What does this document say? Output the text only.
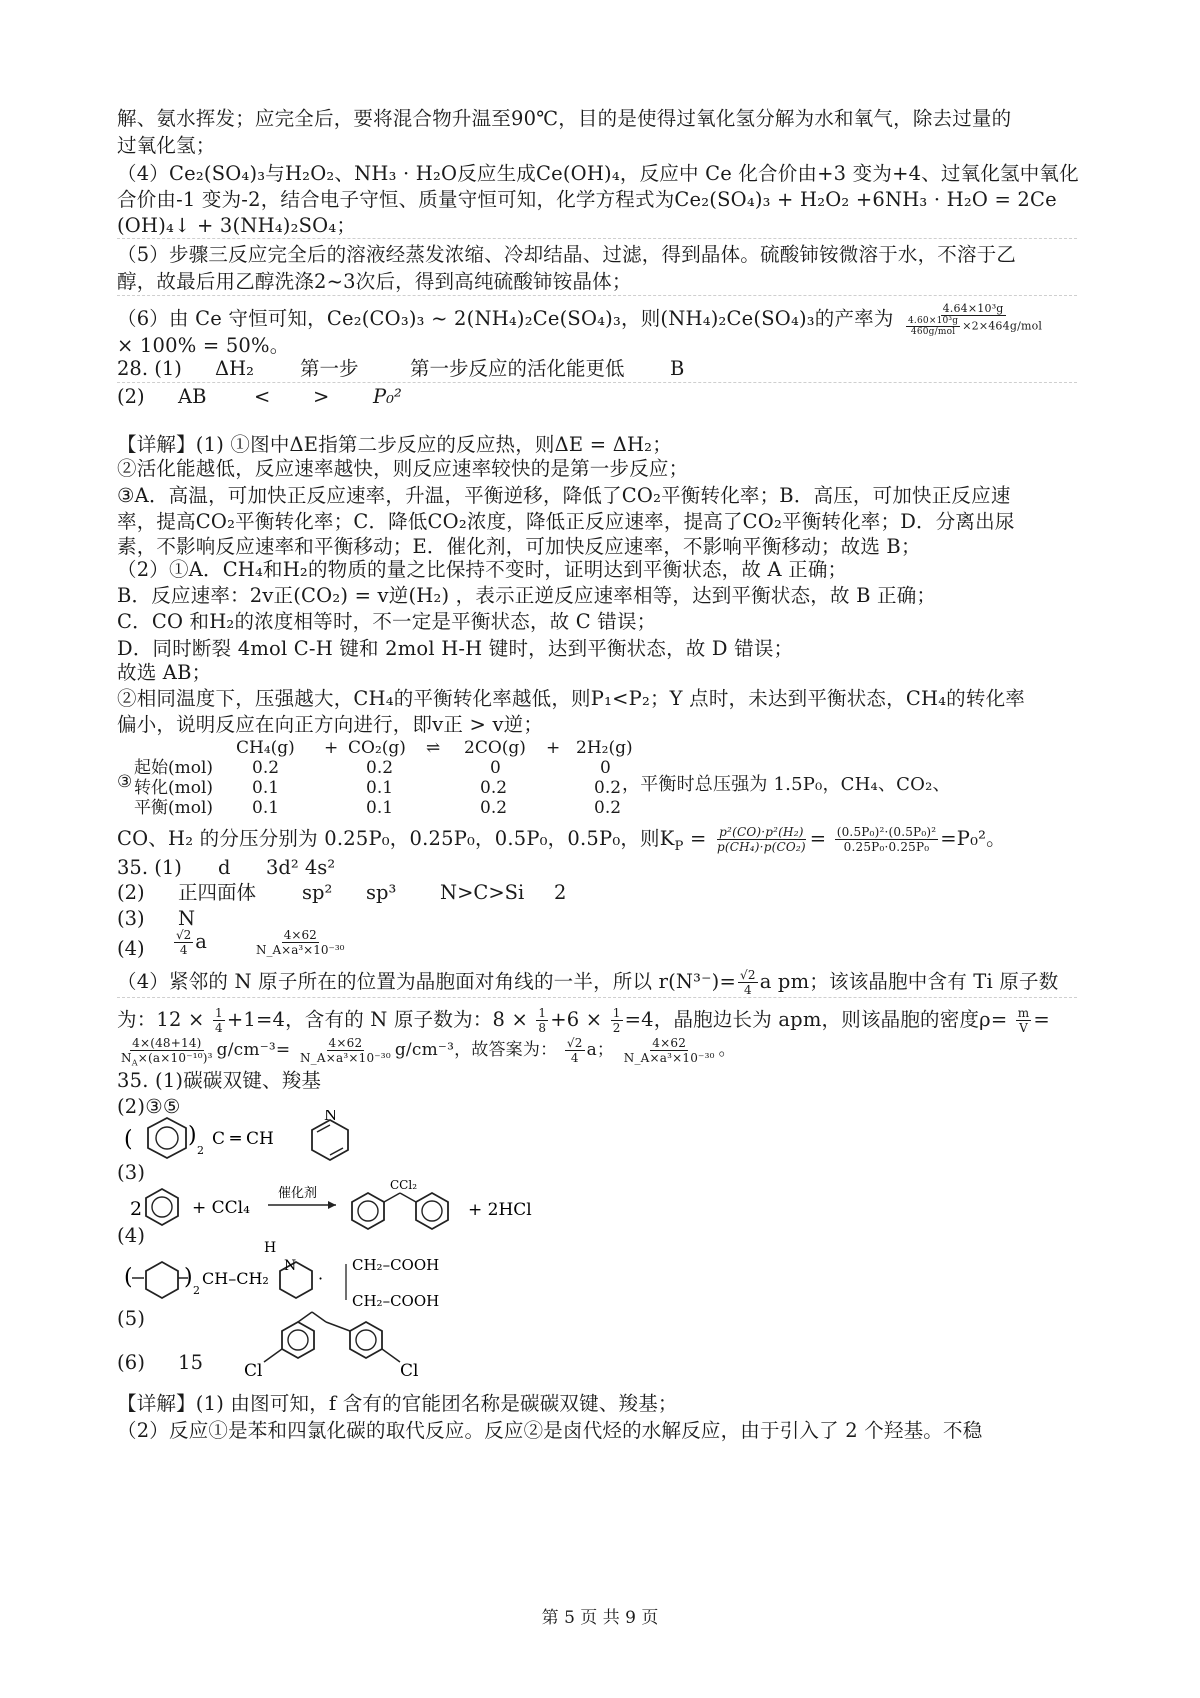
解、氨水挥发；应完全后，要将混合物升温至90℃，目的是使得过氧化氢分解为水和氧气，除去过量的
过氧化氢；
（4）Ce₂(SO₄)₃与H₂O₂、NH₃ · H₂O反应生成Ce(OH)₄，反应中 Ce 化合价由+3 变为+4、过氧化氢中氧化
合价由-1 变为-2，结合电子守恒、质量守恒可知，化学方程式为Ce₂(SO₄)₃ + H₂O₂ +6NH₃ · H₂O = 2Ce
(OH)₄↓ + 3(NH₄)₂SO₄；
（5）步骤三反应完全后的溶液经蒸发浓缩、冷却结晶、过滤，得到晶体。硫酸铈铵微溶于水，不溶于乙
醇，故最后用乙醇洗涤2~3次后，得到高纯硫酸铈铵晶体；
（6）由 Ce 守恒可知，Ce₂(CO₃)₃ ~ 2(NH₄)₂Ce(SO₄)₃，则(NH₄)₂Ce(SO₄)₃的产率为 $\frac{\text{4.64×10³g}}{\frac{\text{4.60×10³g}}{\text{460g/mol}} \times 2\times 464g/mol}$
× 100% = 50%。
28. (1) ΔH₂ 第一步	第一步反应的活化能更低 B
(2) AB < > P₀²
【详解】(1) ①图中ΔE指第二步反应的反应热，则ΔE = ΔH₂；
②活化能越低，反应速率越快，则反应速率较快的是第一步反应；
③A．高温，可加快正反应速率，升温，平衡逆移，降低了CO₂平衡转化率；B．高压，可加快正反应速
率，提高CO₂平衡转化率；C．降低CO₂浓度，降低正反应速率，提高了CO₂平衡转化率；D．分离出尿
素，不影响反应速率和平衡移动；E．催化剂，可加快反应速率，不影响平衡移动；故选 B；
（2）①A．CH₄和H₂的物质的量之比保持不变时，证明达到平衡状态，故 A 正确；
B．反应速率：2v正(CO₂) = v逆(H₂) ，表示正逆反应速率相等，达到平衡状态，故 B 正确；
C．CO 和H₂的浓度相等时，不一定是平衡状态，故 C 错误；
D．同时断裂 4mol C-H 键和 2mol H-H 键时，达到平衡状态，故 D 错误；
故选 AB；
②相同温度下，压强越大，CH₄的平衡转化率越低，则P₁<P₂；Y 点时，未达到平衡状态，CH₄的转化率
偏小，说明反应在向正方向进行，即v正 > v逆；
CH₄(g) + CO₂(g) ⇌ 2CO(g) + 2H₂(g)
③
起始(mol) 0.2	0.2	0	0
转化(mol) 0.1	0.1	0.2	0.2
平衡(mol) 0.1	0.1	0.2	0.2
，平衡时总压强为 1.5P₀，CH₄、CO₂、
CO、H₂ 的分压分别为 0.25P₀，0.25P₀，0.5P₀，0.5P₀，则$K_P = \frac{\text{p²(CO)·p²(H₂)}}{\text{p(CH₄)·p(CO₂)}} = \frac{\text{(0.5P₀)²·(0.5P₀)²}}{\text{0.25P₀·0.25P₀}} =P_0^2$。
35. (1) d 3d² 4s²
(2) 正四面体 sp² sp³ N>C>Si 2
(3) N
$(4) \frac{√2}{4}$ a	$\frac{4\times 62}{\text{N\_A×a³×10⁻³⁰}}$
（4）紧邻的 N 原子所在的位置为晶胞面对角线的一半，所以 $r(N^{3-})= \frac{√2}{4}$ a pm；该该晶胞中含有 Ti 原子数
为：$12 \times \frac{1}{4} +1=4$，含有的 N 原子数为：$8 \times \frac{1}{8} +6 \times \frac{1}{2} =4$，晶胞边长为 apm，则该晶胞的密度$\rho= \frac{m}{V}$ =
$\frac{4\times(48+14)}{N_A\times(a\times 10^{-10})^3} g/cm^{-3}= \frac{4\times 62}{\text{N\_A×a³×10⁻³⁰}} g/cm^{-3}$，故答案为： $\frac{√2}{4}$ a； $\frac{4\times 62}{\text{N\_A×a³×10⁻³⁰}}$ 。
35. (1)碳碳双键、羧基
(2)③⑤
(3)
(	)
2
C ═ CH
N
(4)
2	+ CCl₄
催化剂
CCl₂
+ 2HCl
(5)
( )
2
CH–CH₂
H
N
·
CH₂–COOH
CH₂–COOH
(6) 15 Cl	Cl
【详解】(1) 由图可知，f 含有的官能团名称是碳碳双键、羧基；
（2）反应①是苯和四氯化碳的取代反应。反应②是卤代烃的水解反应，由于引入了 2 个羟基。不稳
第 5 页 共 9 页
